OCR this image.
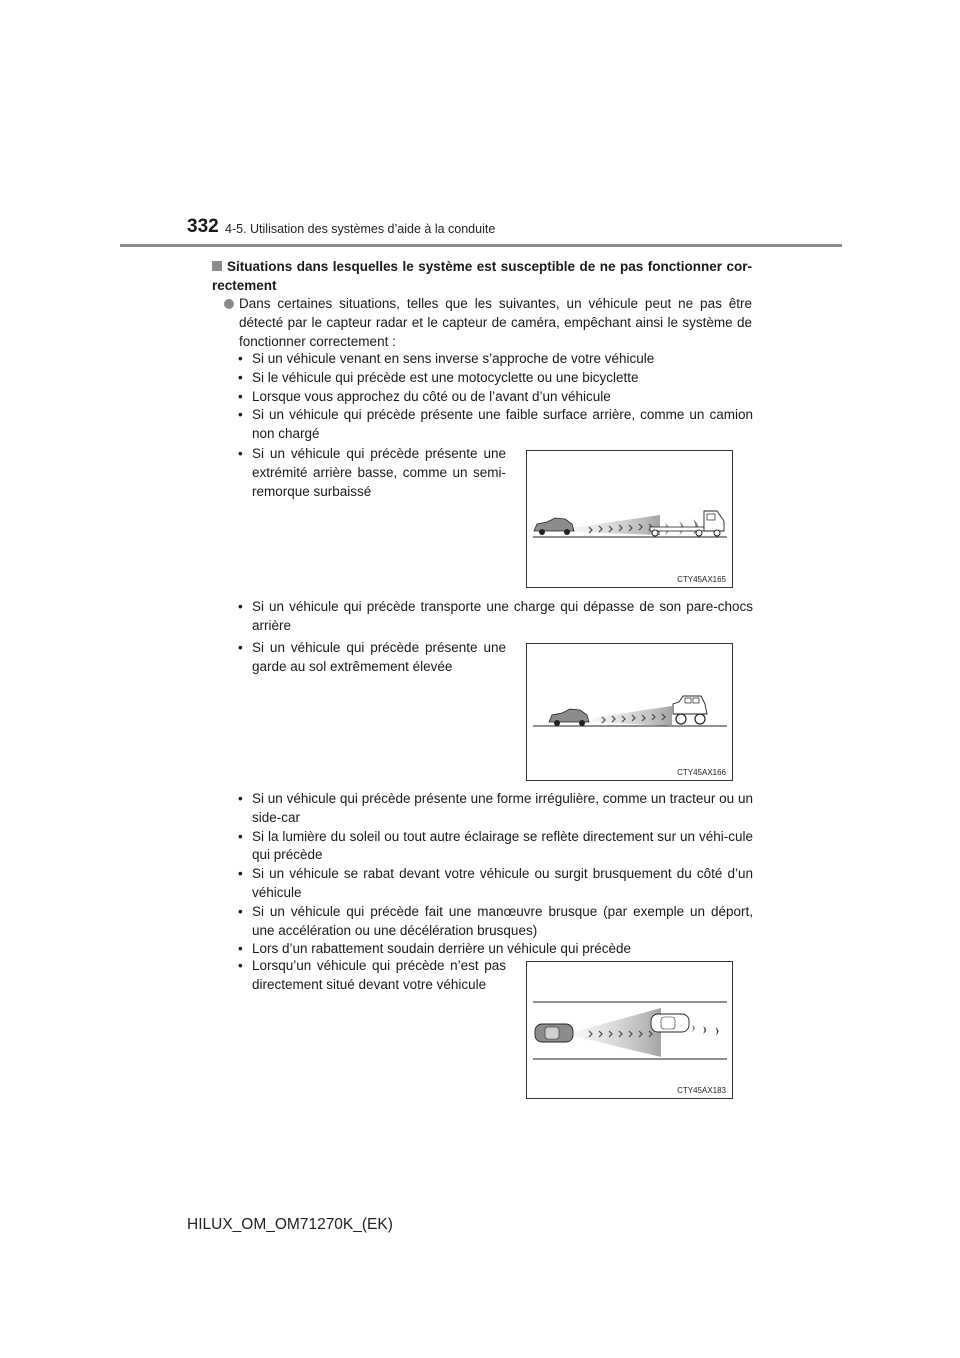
332 4-5. Utilisation des systèmes d’aide à la conduite
Situations dans lesquelles le système est susceptible de ne pas fonctionner cor-rectement
Dans certaines situations, telles que les suivantes, un véhicule peut ne pas être détecté par le capteur radar et le capteur de caméra, empêchant ainsi le système de fonctionner correctement :
• Si un véhicule venant en sens inverse s’approche de votre véhicule
• Si le véhicule qui précède est une motocyclette ou une bicyclette
• Lorsque vous approchez du côté ou de l’avant d’un véhicule
• Si un véhicule qui précède présente une faible surface arrière, comme un camion non chargé
• Si un véhicule qui précède présente une extrémité arrière basse, comme un semi-remorque surbaissé
CTY45AX165
• Si un véhicule qui précède transporte une charge qui dépasse de son pare-chocs arrière
• Si un véhicule qui précède présente une garde au sol extrêmement élevée
CTY45AX166
• Si un véhicule qui précède présente une forme irrégulière, comme un tracteur ou un side-car
• Si la lumière du soleil ou tout autre éclairage se reflète directement sur un véhi-cule qui précède
• Si un véhicule se rabat devant votre véhicule ou surgit brusquement du côté d’un véhicule
• Si un véhicule qui précède fait une manœuvre brusque (par exemple un déport, une accélération ou une décélération brusques)
• Lors d’un rabattement soudain derrière un véhicule qui précède
• Lorsqu’un véhicule qui précède n’est pas directement situé devant votre véhicule
CTY45AX183
HILUX_OM_OM71270K_(EK)
